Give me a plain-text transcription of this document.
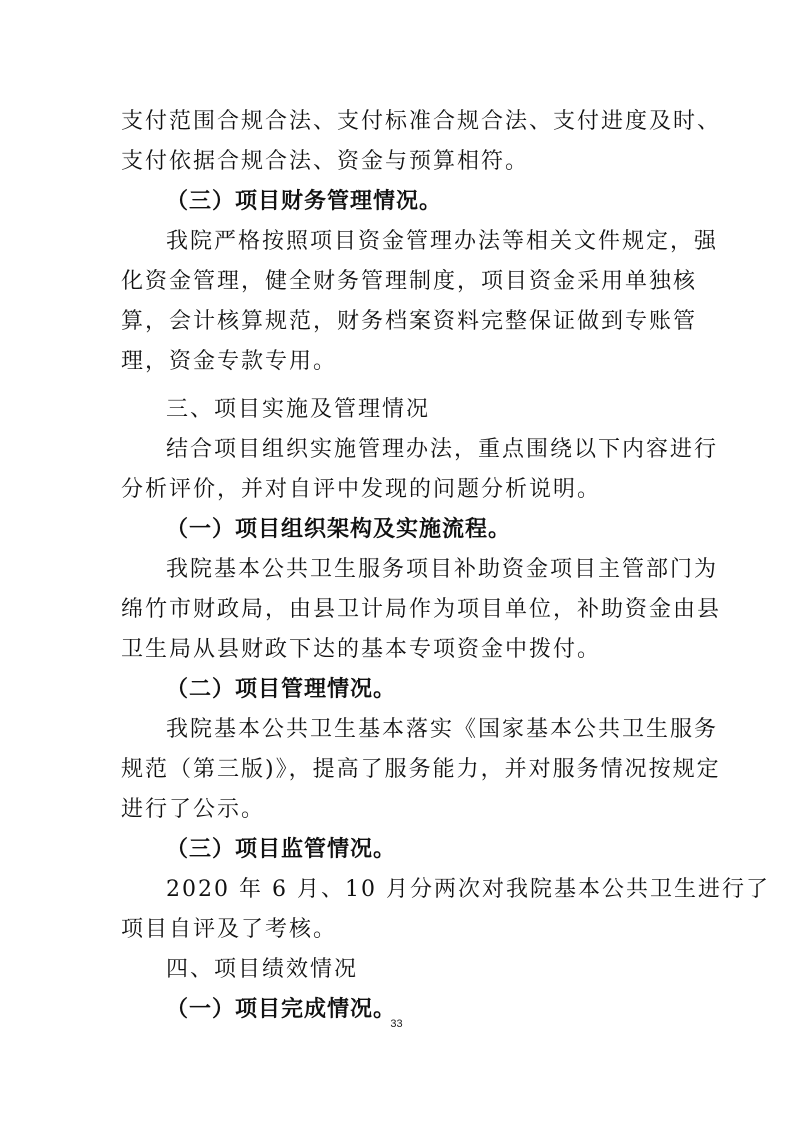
支付范围合规合法、支付标准合规合法、支付进度及时、
支付依据合规合法、资金与预算相符。
（三）项目财务管理情况。
我院严格按照项目资金管理办法等相关文件规定，强
化资金管理，健全财务管理制度，项目资金采用单独核
算，会计核算规范，财务档案资料完整保证做到专账管
理，资金专款专用。
三、项目实施及管理情况
结合项目组织实施管理办法，重点围绕以下内容进行
分析评价，并对自评中发现的问题分析说明。
（一）项目组织架构及实施流程。
我院基本公共卫生服务项目补助资金项目主管部门为
绵竹市财政局，由县卫计局作为项目单位，补助资金由县
卫生局从县财政下达的基本专项资金中拨付。
（二）项目管理情况。
我院基本公共卫生基本落实《国家基本公共卫生服务
规范（第三版)》，提高了服务能力，并对服务情况按规定
进行了公示。
（三）项目监管情况。
2020 年 6 月、10 月分两次对我院基本公共卫生进行了
项目自评及了考核。
四、项目绩效情况
（一）项目完成情况。
33
